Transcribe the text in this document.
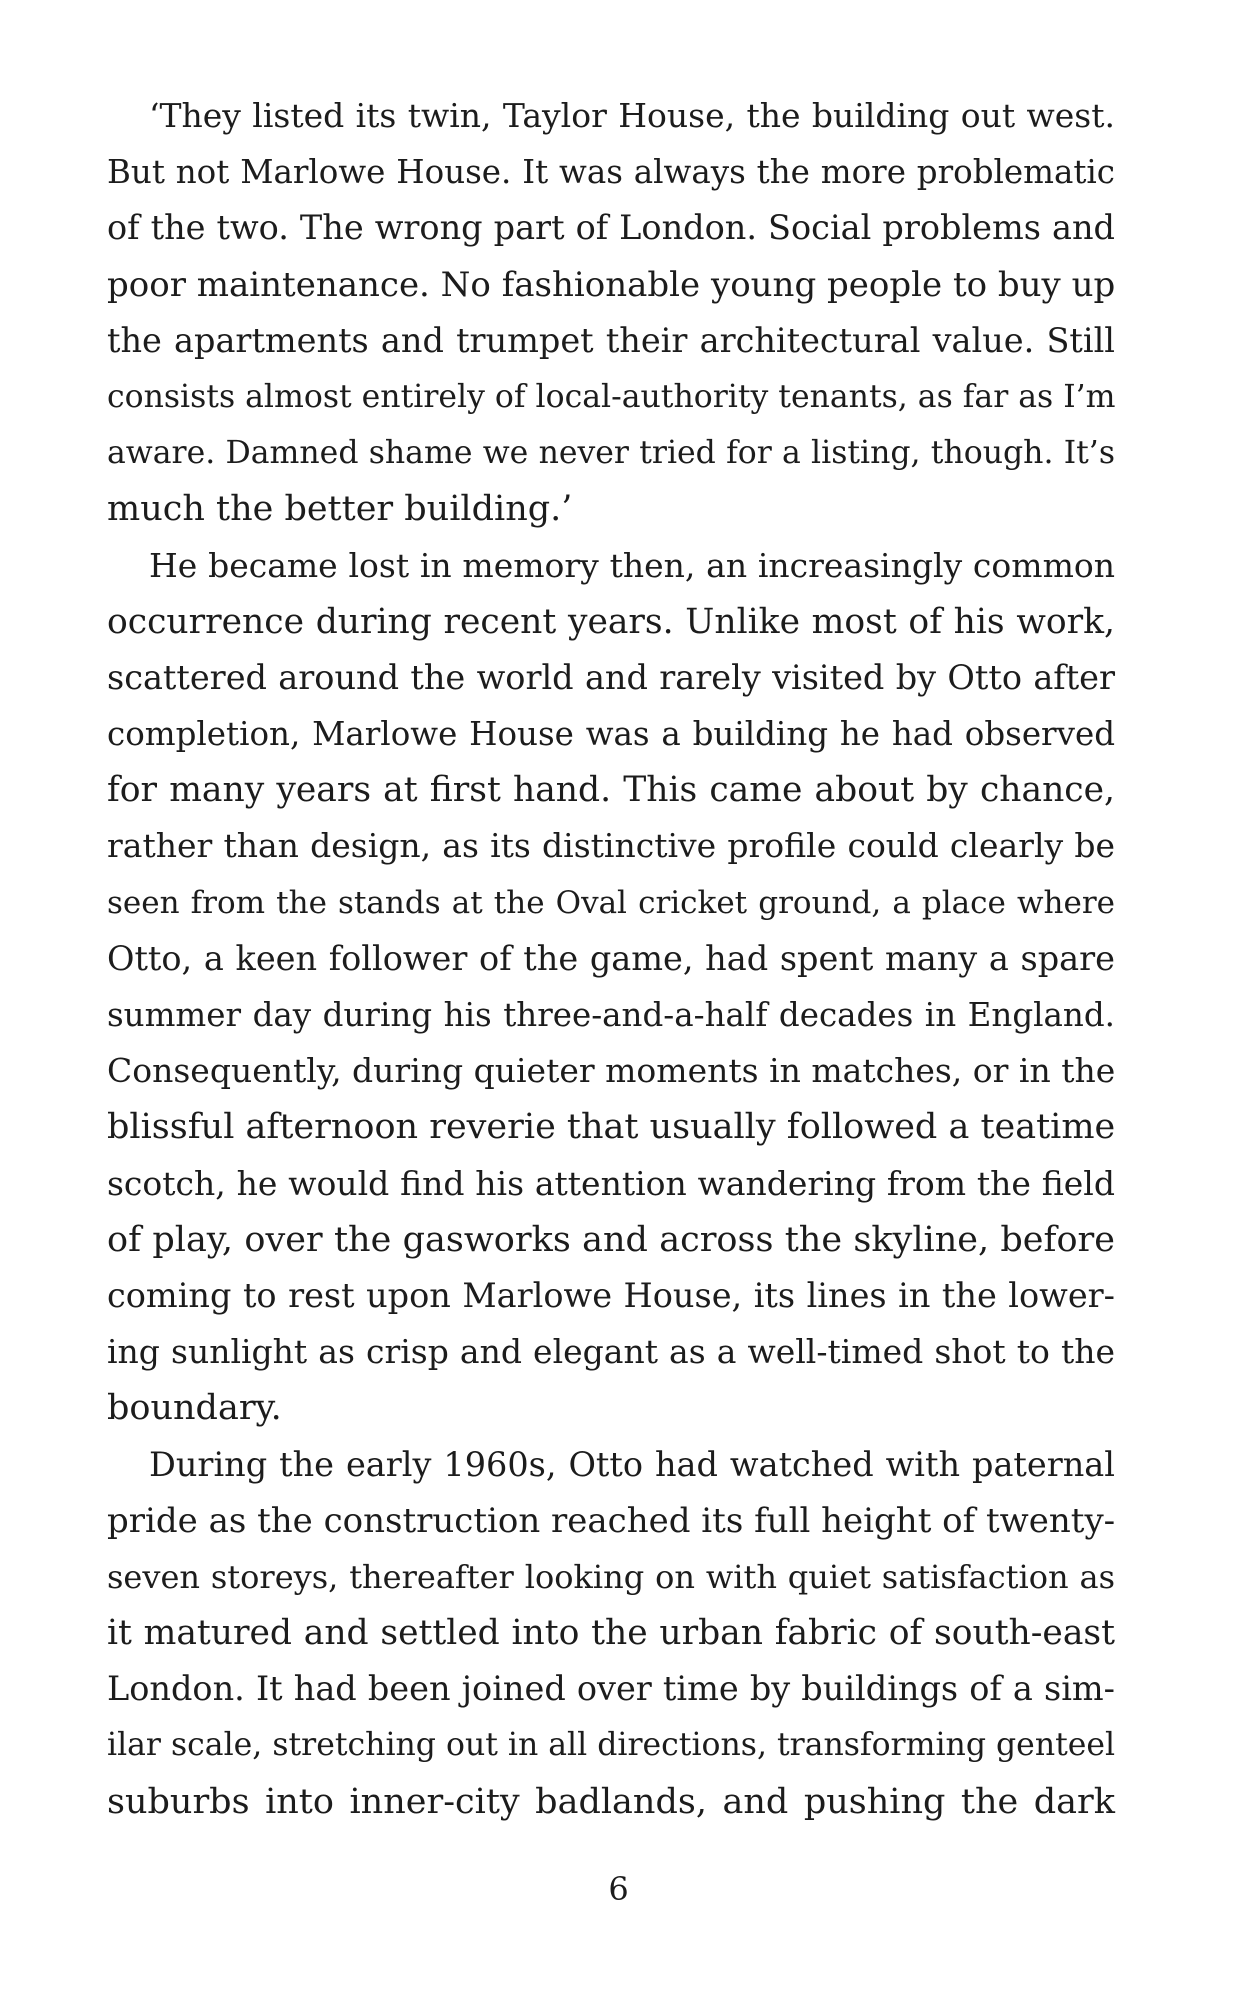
‘They listed its twin, Taylor House, the building out west.
But not Marlowe House. It was always the more problematic
of the two. The wrong part of London. Social problems and
poor maintenance. No fashionable young people to buy up
the apartments and trumpet their architectural value. Still
consists almost entirely of local-authority tenants, as far as I’m
aware. Damned shame we never tried for a listing, though. It’s
much the better building.’
He became lost in memory then, an increasingly common
occurrence during recent years. Unlike most of his work,
scattered around the world and rarely visited by Otto after
completion, Marlowe House was a building he had observed
for many years at first hand. This came about by chance,
rather than design, as its distinctive profile could clearly be
seen from the stands at the Oval cricket ground, a place where
Otto, a keen follower of the game, had spent many a spare
summer day during his three-and-a-half decades in England.
Consequently, during quieter moments in matches, or in the
blissful afternoon reverie that usually followed a teatime
scotch, he would find his attention wandering from the field
of play, over the gasworks and across the skyline, before
coming to rest upon Marlowe House, its lines in the lower-
ing sunlight as crisp and elegant as a well-timed shot to the
boundary.
During the early 1960s, Otto had watched with paternal
pride as the construction reached its full height of twenty-
seven storeys, thereafter looking on with quiet satisfaction as
it matured and settled into the urban fabric of south-east
London. It had been joined over time by buildings of a sim-
ilar scale, stretching out in all directions, transforming genteel
suburbs into inner-city badlands, and pushing the dark
6
